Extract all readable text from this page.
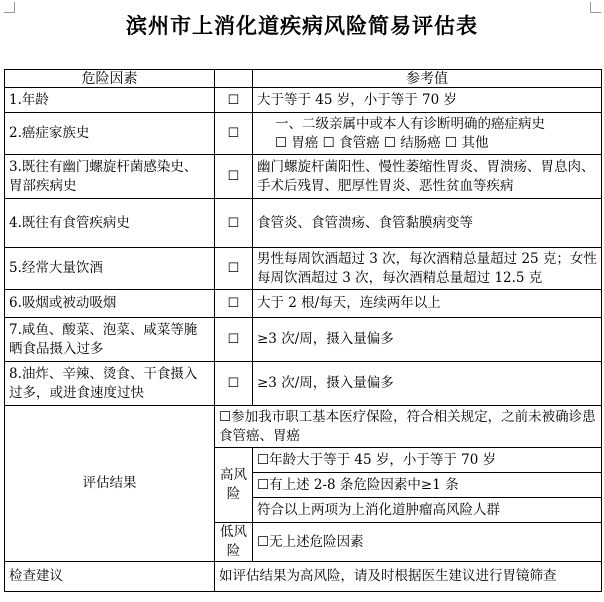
滨州市上消化道疾病风险简易评估表
危险因素		参考值
1.年龄	☐	大于等于 45 岁，小于等于 70 岁
2.癌症家族史	☐	一、二级亲属中或本人有诊断明确的癌症病史
☐ 胃癌 ☐ 食管癌 ☐ 结肠癌 ☐ 其他

3.既往有幽门螺旋杆菌感染史、胃部疾病史	☐	幽门螺旋杆菌阳性、慢性萎缩性胃炎、胃溃疡、胃息肉、手术后残胃、肥厚性胃炎、恶性贫血等疾病
4.既往有食管疾病史	☐	食管炎、食管溃疡、食管黏膜病变等
5.经常大量饮酒	☐	男性每周饮酒超过 3 次，每次酒精总量超过 25 克；女性每周饮酒超过 3 次，每次酒精总量超过 12.5 克
6.吸烟或被动吸烟	☐	大于 2 根/每天，连续两年以上
7.咸鱼、酸菜、泡菜、咸菜等腌晒食品摄入过多	☐	≥3 次/周，摄入量偏多
8.油炸、辛辣、烫食、干食摄入过多，或进食速度过快	☐	≥3 次/周，摄入量偏多
评估结果	☐参加我市职工基本医疗保险，符合相关规定，之前未被确诊患食管癌、胃癌	
	高风险	☐年龄大于等于 45 岁，小于等于 70 岁
		☐有上述 2-8 条危险因素中≥1 条
		符合以上两项为上消化道肿瘤高风险人群
	低风险	☐无上述危险因素
检查建议	如评估结果为高风险，请及时根据医生建议进行胃镜筛查	
